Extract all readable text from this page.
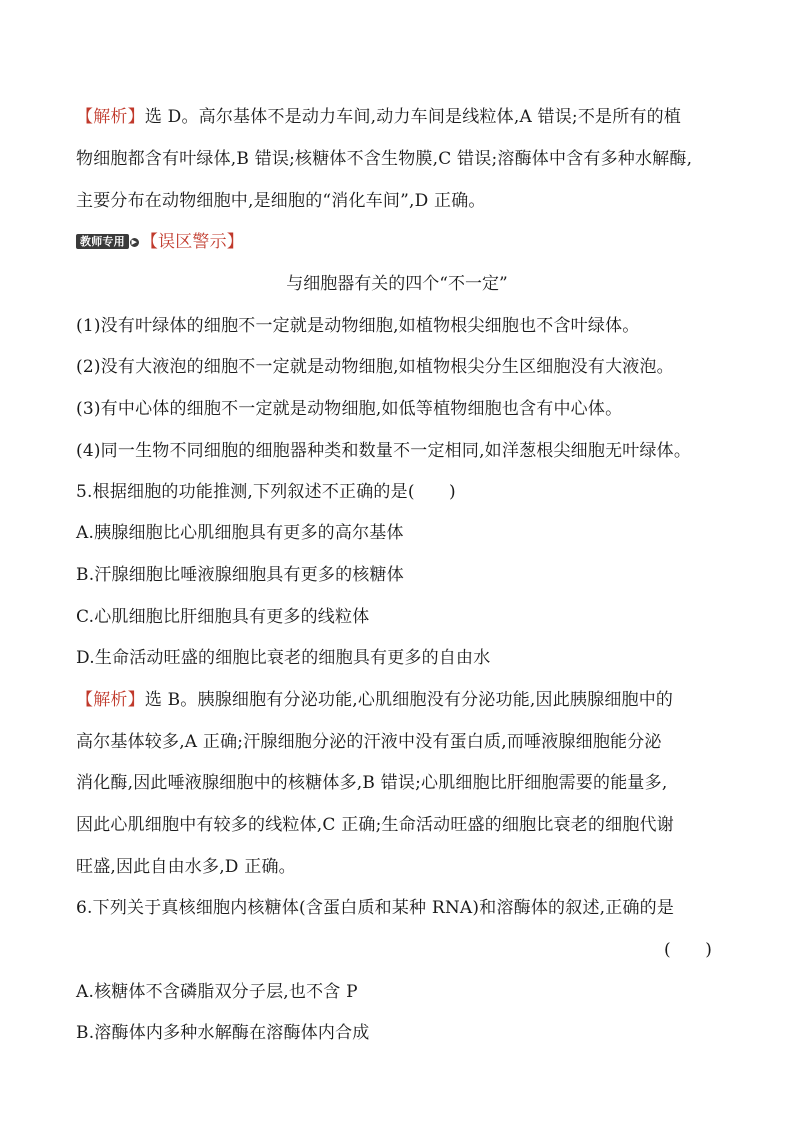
【解析】选 D。高尔基体不是动力车间,动力车间是线粒体,A 错误;不是所有的植
物细胞都含有叶绿体,B 错误;核糖体不含生物膜,C 错误;溶酶体中含有多种水解酶,
主要分布在动物细胞中,是细胞的“消化车间”,D 正确。
教师专用 ▶ 【误区警示】
与细胞器有关的四个“不一定”
(1)没有叶绿体的细胞不一定就是动物细胞,如植物根尖细胞也不含叶绿体。
(2)没有大液泡的细胞不一定就是动物细胞,如植物根尖分生区细胞没有大液泡。
(3)有中心体的细胞不一定就是动物细胞,如低等植物细胞也含有中心体。
(4)同一生物不同细胞的细胞器种类和数量不一定相同,如洋葱根尖细胞无叶绿体。
5.根据细胞的功能推测,下列叙述不正确的是(　　)
A.胰腺细胞比心肌细胞具有更多的高尔基体
B.汗腺细胞比唾液腺细胞具有更多的核糖体
C.心肌细胞比肝细胞具有更多的线粒体
D.生命活动旺盛的细胞比衰老的细胞具有更多的自由水
【解析】选 B。胰腺细胞有分泌功能,心肌细胞没有分泌功能,因此胰腺细胞中的
高尔基体较多,A 正确;汗腺细胞分泌的汗液中没有蛋白质,而唾液腺细胞能分泌
消化酶,因此唾液腺细胞中的核糖体多,B 错误;心肌细胞比肝细胞需要的能量多,
因此心肌细胞中有较多的线粒体,C 正确;生命活动旺盛的细胞比衰老的细胞代谢
旺盛,因此自由水多,D 正确。
6.下列关于真核细胞内核糖体(含蛋白质和某种 RNA)和溶酶体的叙述,正确的是
(　　)
A.核糖体不含磷脂双分子层,也不含 P
B.溶酶体内多种水解酶在溶酶体内合成
